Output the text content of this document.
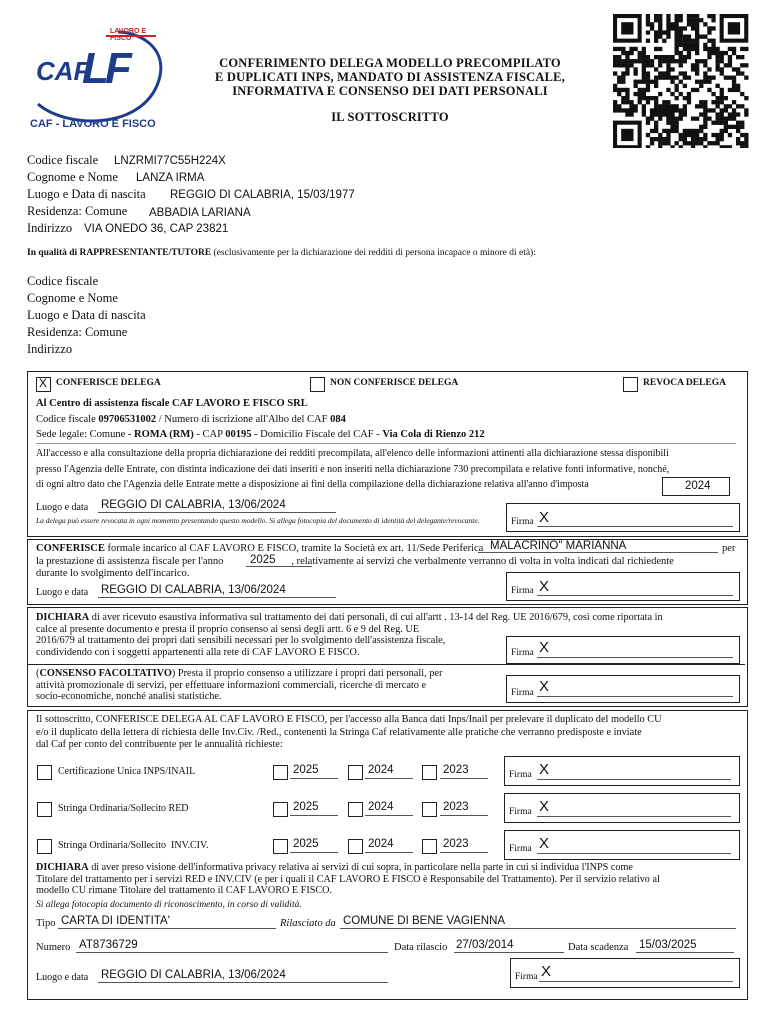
LAVORO E FISCO
CAF
LF
CAF - LAVORO E FISCO
CONFERIMENTO DELEGA MODELLO PRECOMPILATO
E DUPLICATI INPS, MANDATO DI ASSISTENZA FISCALE,
INFORMATIVA E CONSENSO DEI DATI PERSONALI
IL SOTTOSCRITTO
Codice fiscale LNZRMI77C55H224X
Cognome e Nome LANZA IRMA
Luogo e Data di nascita REGGIO DI CALABRIA, 15/03/1977
Residenza: Comune ABBADIA LARIANA
Indirizzo VIA ONEDO 36, CAP 23821
In qualità di RAPPRESENTANTE/TUTORE (esclusivamente per la dichiarazione dei redditi di persona incapace o minore di età):
Codice fiscale
Cognome e Nome
Luogo e Data di nascita
Residenza: Comune
Indirizzo
X CONFERISCE DELEGA	NON CONFERISCE DELEGA	REVOCA DELEGA
Al Centro di assistenza fiscale CAF LAVORO E FISCO SRL
Codice fiscale 09706531002 / Numero di iscrizione all'Albo del CAF 084
Sede legale: Comune - ROMA (RM) - CAP 00195 - Domicilio Fiscale del CAF - Via Cola di Rienzo 212
All'accesso e alla consultazione della propria dichiarazione dei redditi precompilata, all'elenco delle informazioni attinenti alla dichiarazione stessa disponibili
presso l'Agenzia delle Entrate, con distinta indicazione dei dati inseriti e non inseriti nella dichiarazione 730 precompilata e relative fonti informative, nonché,
di ogni altro dato che l'Agenzia delle Entrate mette a disposizione ai fini della compilazione della dichiarazione relativa all'anno d'imposta	2024
Luogo e data REGGIO DI CALABRIA, 13/06/2024
La delega può essere revocata in ogni momento presentando questo modello. Si allega fotocopia del documento di identità del delegante/revocante.	Firma X
CONFERISCE formale incarico al CAF LAVORO E FISCO, tramite la Società ex art. 11/Sede Periferica MALACRINO" MARIANNA	per
la prestazione di assistenza fiscale per l'anno	, relativamente ai servizi che verbalmente verranno di volta in volta indicati dal richiedente
2025
durante lo svolgimento dell'incarico.
Luogo e data REGGIO DI CALABRIA, 13/06/2024	Firma X
DICHIARA di aver ricevuto esaustiva informativa sul trattamento dei dati personali, di cui all'artt . 13-14 del Reg. UE 2016/679, così come riportata in
calce al presente documento e presta il proprio consenso ai sensi degli artt. 6 e 9 del Reg. UE
2016/679 al trattamento dei propri dati sensibili necessari per lo svolgimento dell'assistenza fiscale,
condividendo con i soggetti appartenenti alla rete di CAF LAVORO E FISCO.	Firma X
(CONSENSO FACOLTATIVO) Presta il proprio consenso a utilizzare i propri dati personali, per
attività promozionale di servizi, per effettuare informazioni commerciali, ricerche di mercato e
socio-economiche, nonché analisi statistiche.	Firma X
Il sottoscritto, CONFERISCE DELEGA AL CAF LAVORO E FISCO, per l'accesso alla Banca dati Inps/Inail per prelevare il duplicato del modello CU
e/o il duplicato della lettera di richiesta delle Inv.Civ. /Red., contenenti la Stringa Caf relativamente alle pratiche che verranno predisposte e inviate
dal Caf per conto del contribuente per le annualità richieste:
Certificazione Unica INPS/INAIL	2025	2024	2023	Firma X
Stringa Ordinaria/Sollecito RED	2025	2024	2023	Firma X
Stringa Ordinaria/Sollecito  INV.CIV.	2025	2024	2023	Firma X
DICHIARA di aver preso visione dell'informativa privacy relativa ai servizi di cui sopra, in particolare nella parte in cui si individua l'INPS come
Titolare del trattamento per i servizi RED e INV.CIV (e per i quali il CAF LAVORO E FISCO è Responsabile del Trattamento). Per il servizio relativo al
modello CU rimane Titolare del trattamento il CAF LAVORO E FISCO.
Si allega fotocopia documento di riconoscimento, in corso di validità.
Tipo CARTA DI IDENTITA'	Rilasciato da COMUNE DI BENE VAGIENNA
Numero AT8736729	Data rilascio 27/03/2014	Data scadenza 15/03/2025
Luogo e data REGGIO DI CALABRIA, 13/06/2024	Firma X
